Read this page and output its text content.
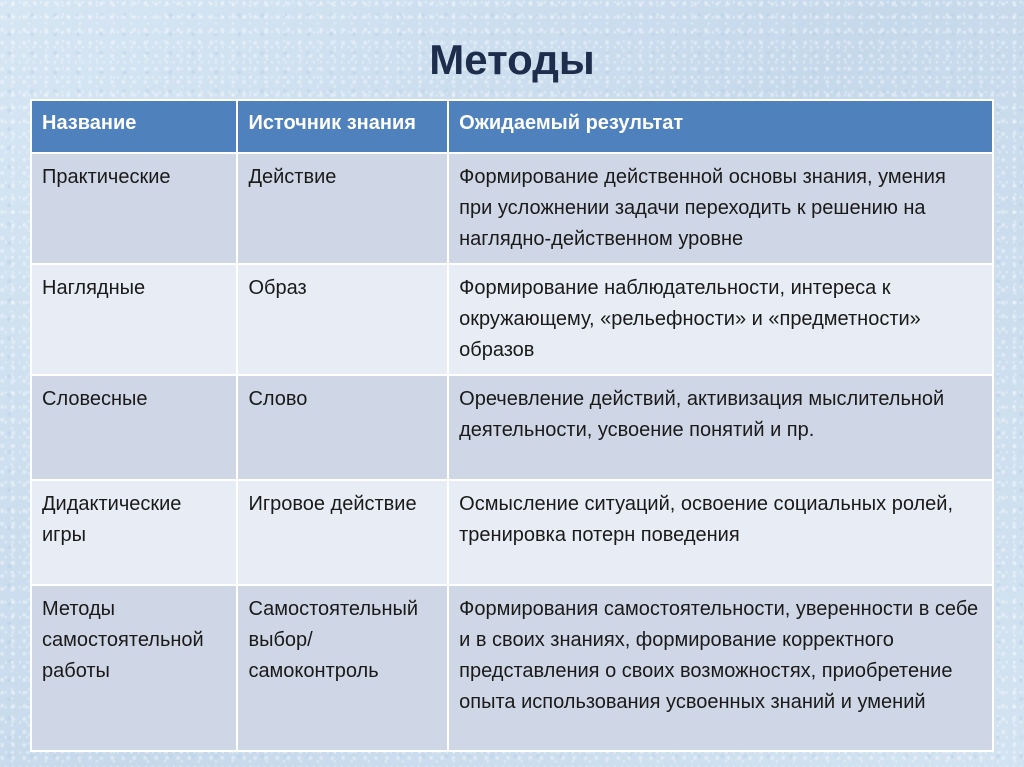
Методы
Название	Источник знания	Ожидаемый результат
Практические	Действие	Формирование действенной основы знания, умения при усложнении задачи переходить к решению на наглядно-действенном уровне
Наглядные	Образ	Формирование наблюдательности, интереса к окружающему, «рельефности» и «предметности» образов
Словесные	Слово	Оречевление действий, активизация мыслительной деятельности, усвоение понятий и пр.
Дидактические игры	Игровое действие	Осмысление ситуаций, освоение социальных ролей, тренировка потерн поведения
Методы самостоятельной работы	Самостоятельный выбор/ самоконтроль	Формирования самостоятельности, уверенности в себе и в своих знаниях, формирование корректного представления о своих возможностях, приобретение опыта использования усвоенных знаний и умений
